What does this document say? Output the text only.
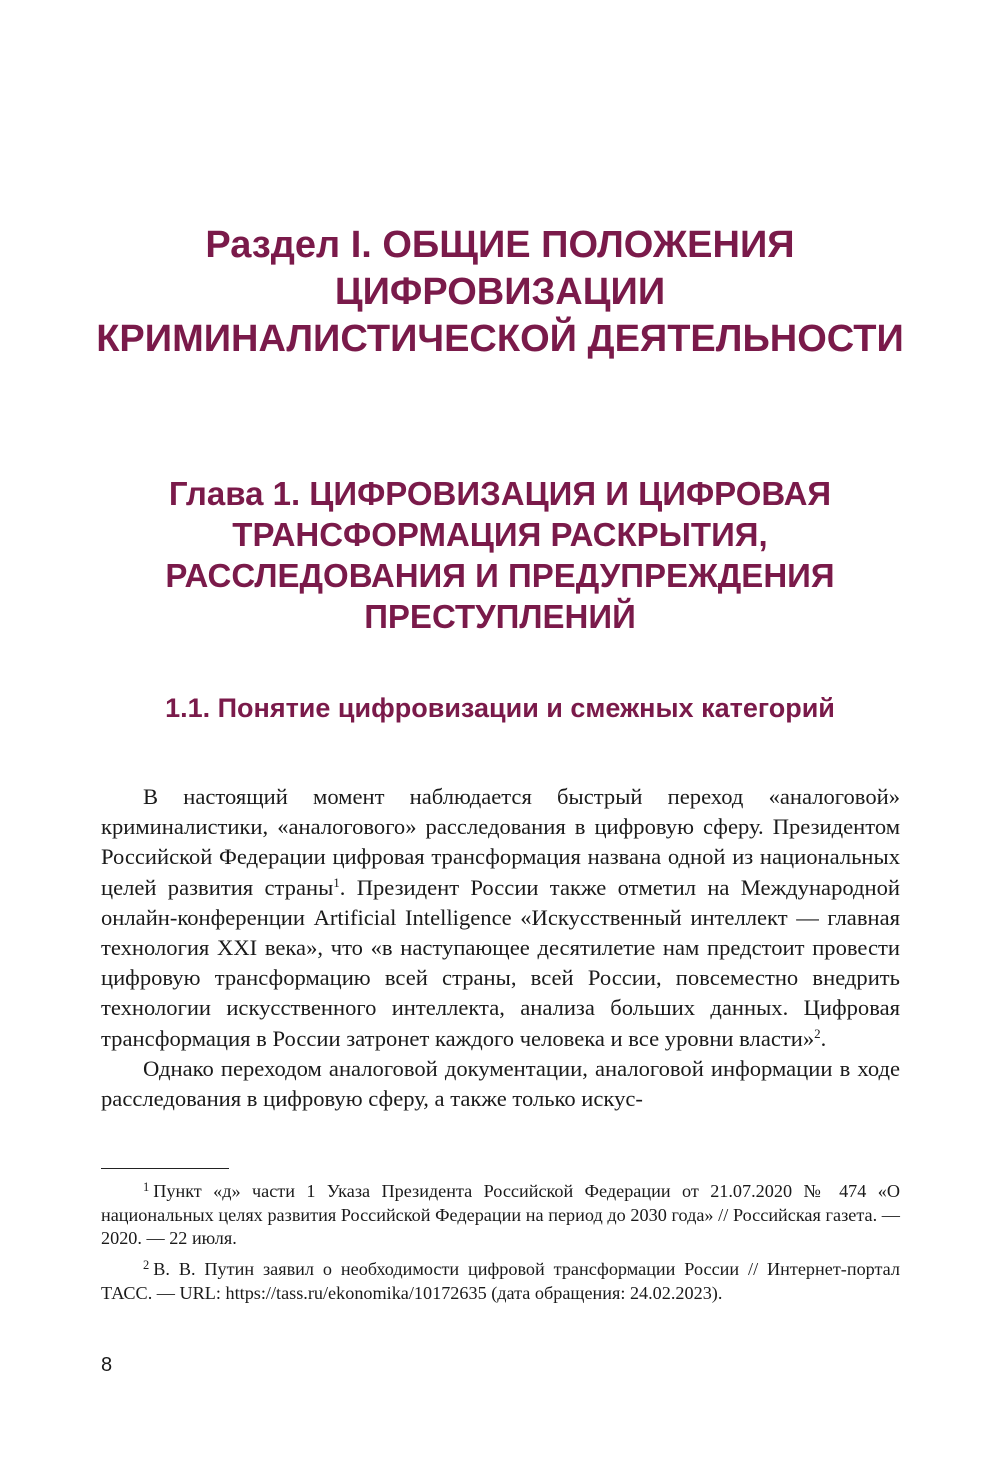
Раздел I. ОБЩИЕ ПОЛОЖЕНИЯ ЦИФРОВИЗАЦИИ КРИМИНАЛИСТИЧЕСКОЙ ДЕЯТЕЛЬНОСТИ
Глава 1. ЦИФРОВИЗАЦИЯ И ЦИФРОВАЯ ТРАНСФОРМАЦИЯ РАСКРЫТИЯ, РАССЛЕДОВАНИЯ И ПРЕДУПРЕЖДЕНИЯ ПРЕСТУПЛЕНИЙ
1.1. Понятие цифровизации и смежных категорий

В настоящий момент наблюдается быстрый переход «аналоговой» криминалистики, «аналогового» расследования в цифровую сферу. Президентом Российской Федерации цифровая трансформация названа одной из национальных целей развития страны$^1$. Президент России также отметил на Международной онлайн-конференции Artificial Intelligence «Искусственный интеллект — главная технология XXI века», что «в наступающее десятилетие нам предстоит провести цифровую трансформацию всей страны, всей России, повсеместно внедрить технологии искусственного интеллекта, анализа больших данных. Цифровая трансформация в России затронет каждого человека и все уровни власти»$^2$.

Однако переходом аналоговой документации, аналоговой информации в ходе расследования в цифровую сферу, а также только искус-

$^1$ Пункт «д» части 1 Указа Президента Российской Федерации от 21.07.2020 № 474 «О национальных целях развития Российской Федерации на период до 2030 года» // Российская газета. — 2020. — 22 июля.

$^2$ В. В. Путин заявил о необходимости цифровой трансформации России // Интернет-портал ТАСС. — URL: https://tass.ru/ekonomika/10172635 (дата обращения: 24.02.2023).

8
